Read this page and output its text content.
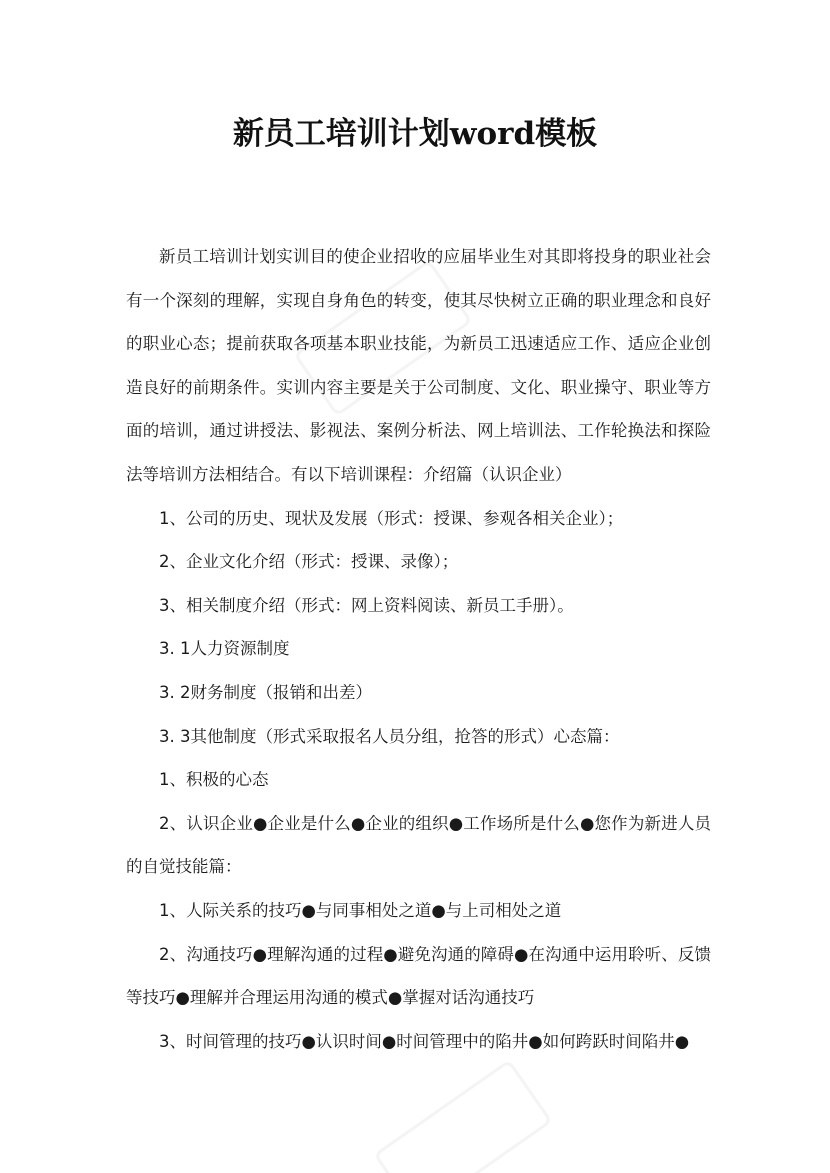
新员工培训计划word模板

新员工培训计划实训目的使企业招收的应届毕业生对其即将投身的职业社会有一个深刻的理解，实现自身角色的转变，使其尽快树立正确的职业理念和良好的职业心态；提前获取各项基本职业技能，为新员工迅速适应工作、适应企业创造良好的前期条件。实训内容主要是关于公司制度、文化、职业操守、职业等方面的培训，通过讲授法、影视法、案例分析法、网上培训法、工作轮换法和探险法等培训方法相结合。有以下培训课程：介绍篇（认识企业）

1、公司的历史、现状及发展（形式：授课、参观各相关企业）；

2、企业文化介绍（形式：授课、录像）；

3、相关制度介绍（形式：网上资料阅读、新员工手册）。

3. 1人力资源制度

3. 2财务制度（报销和出差）

3. 3其他制度（形式采取报名人员分组，抢答的形式）心态篇：

1、积极的心态

2、认识企业●企业是什么●企业的组织●工作场所是什么●您作为新进人员的自觉技能篇：

1、人际关系的技巧●与同事相处之道●与上司相处之道

2、沟通技巧●理解沟通的过程●避免沟通的障碍●在沟通中运用聆听、反馈等技巧●理解并合理运用沟通的模式●掌握对话沟通技巧

3、时间管理的技巧●认识时间●时间管理中的陷井●如何跨跃时间陷井●
